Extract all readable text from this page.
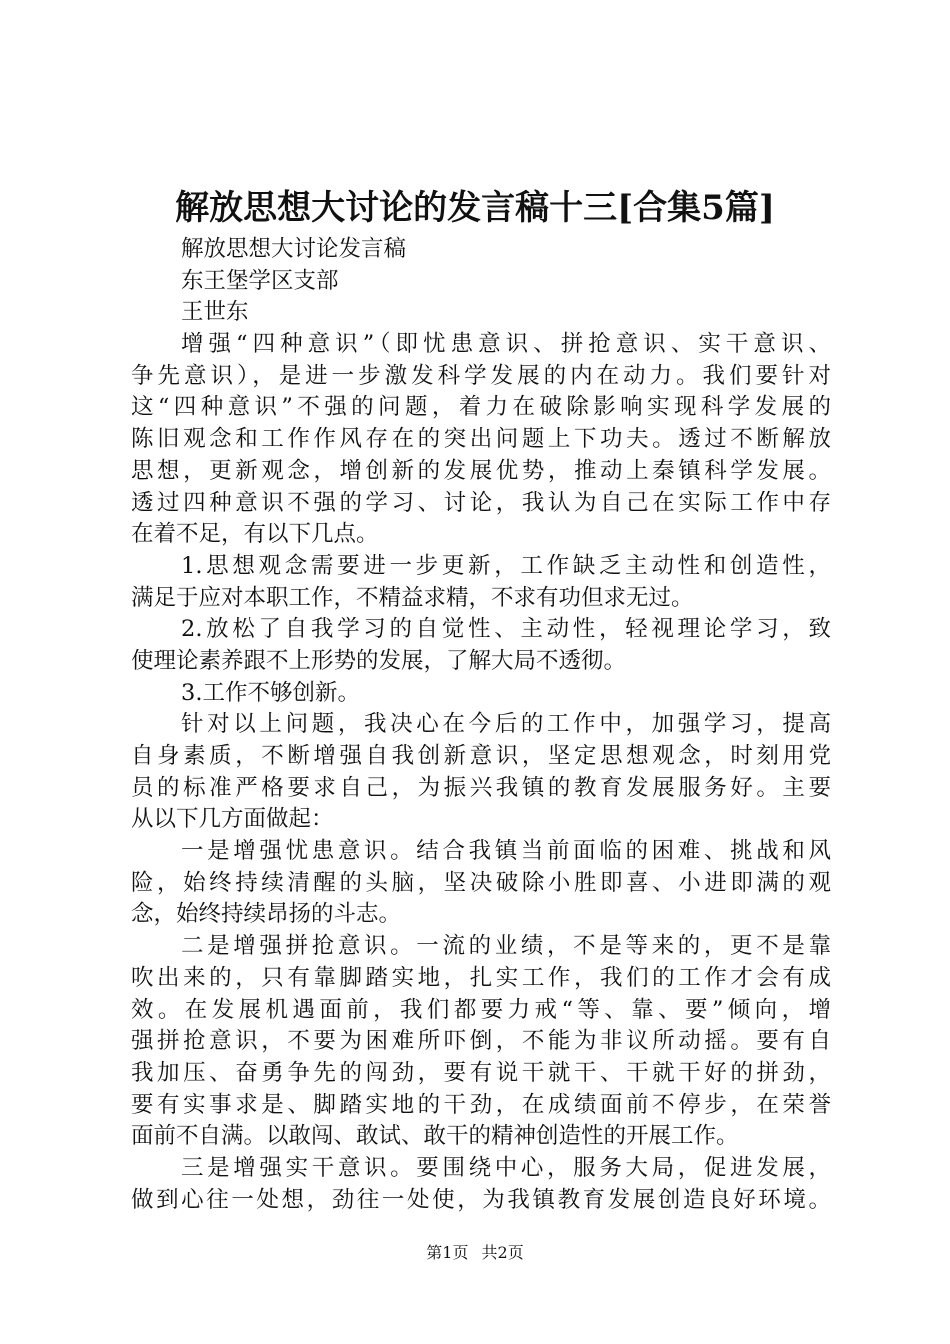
解放思想大讨论的发言稿十三[合集5篇]
解放思想大讨论发言稿
东王堡学区支部
王世东
增强“四种意识”（即忧患意识、拼抢意识、实干意识、
争先意识），是进一步激发科学发展的内在动力。我们要针对
这“四种意识”不强的问题，着力在破除影响实现科学发展的
陈旧观念和工作作风存在的突出问题上下功夫。透过不断解放
思想，更新观念，增创新的发展优势，推动上秦镇科学发展。
透过四种意识不强的学习、讨论，我认为自己在实际工作中存
在着不足，有以下几点。
1.思想观念需要进一步更新，工作缺乏主动性和创造性，
满足于应对本职工作，不精益求精，不求有功但求无过。
2.放松了自我学习的自觉性、主动性，轻视理论学习，致
使理论素养跟不上形势的发展，了解大局不透彻。
3.工作不够创新。
针对以上问题，我决心在今后的工作中，加强学习，提高
自身素质，不断增强自我创新意识，坚定思想观念，时刻用党
员的标准严格要求自己，为振兴我镇的教育发展服务好。主要
从以下几方面做起：
一是增强忧患意识。结合我镇当前面临的困难、挑战和风
险，始终持续清醒的头脑，坚决破除小胜即喜、小进即满的观
念，始终持续昂扬的斗志。
二是增强拼抢意识。一流的业绩，不是等来的，更不是靠
吹出来的，只有靠脚踏实地，扎实工作，我们的工作才会有成
效。在发展机遇面前，我们都要力戒“等、靠、要”倾向，增
强拼抢意识，不要为困难所吓倒，不能为非议所动摇。要有自
我加压、奋勇争先的闯劲，要有说干就干、干就干好的拼劲，
要有实事求是、脚踏实地的干劲，在成绩面前不停步，在荣誉
面前不自满。以敢闯、敢试、敢干的精神创造性的开展工作。
三是增强实干意识。要围绕中心，服务大局，促进发展，
做到心往一处想，劲往一处使，为我镇教育发展创造良好环境。
第1页 共2页
